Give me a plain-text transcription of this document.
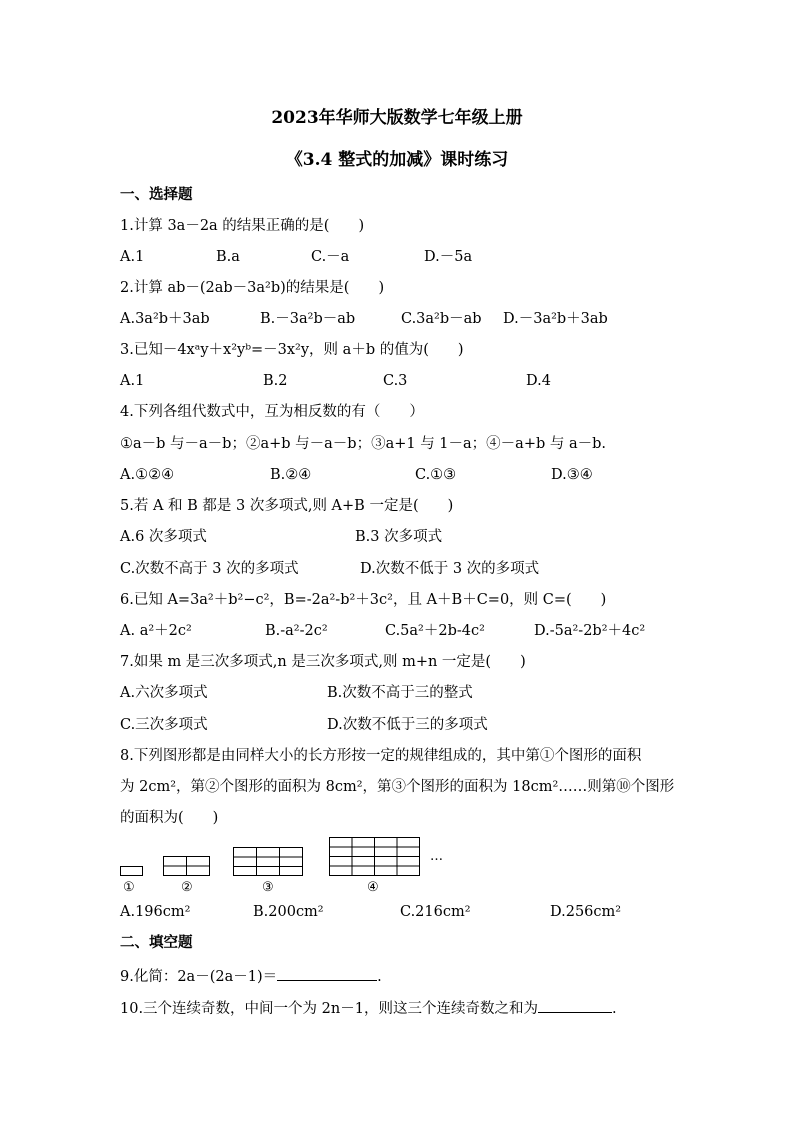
2023年华师大版数学七年级上册
《3.4 整式的加减》课时练习
一、选择题
1.计算 3a－2a 的结果正确的是(　　)
A.1	B.a	C.－a	D.－5a
2.计算 ab－(2ab－3a²b)的结果是(　　)
A.3a²b＋3ab	B.－3a²b－ab	C.3a²b－ab D.－3a²b＋3ab
3.已知－4xᵃy＋x²yᵇ=－3x²y，则 a＋b 的值为(　　)
A.1	B.2	C.3	D.4
4.下列各组代数式中，互为相反数的有（　　）
①a－b 与－a－b；②a+b 与－a－b；③a+1 与 1－a；④－a+b 与 a－b.
A.①②④	B.②④	C.①③	D.③④
5.若 A 和 B 都是 3 次多项式,则 A+B 一定是(　　)
A.6 次多项式	B.3 次多项式
C.次数不高于 3 次的多项式	D.次数不低于 3 次的多项式
6.已知 A=3a²＋b²−c²，B=-2a²-b²＋3c²，且 A＋B＋C=0，则 C=(　　)
A. a²＋2c²	B.-a²-2c²	C.5a²＋2b-4c²	D.-5a²-2b²＋4c²
7.如果 m 是三次多项式,n 是三次多项式,则 m+n 一定是(　　)
A.六次多项式	B.次数不高于三的整式
C.三次多项式	D.次数不低于三的多项式
8.下列图形都是由同样大小的长方形按一定的规律组成的，其中第①个图形的面积
为 2cm²，第②个图形的面积为 8cm²，第③个图形的面积为 18cm²……则第⑩个图形
的面积为(　　)
…
①	②	③	④
A.196cm²	B.200cm²	C.216cm²	D.256cm²
二、填空题
9.化简：2a－(2a－1)＝	.
10.三个连续奇数，中间一个为 2n－1，则这三个连续奇数之和为	.
